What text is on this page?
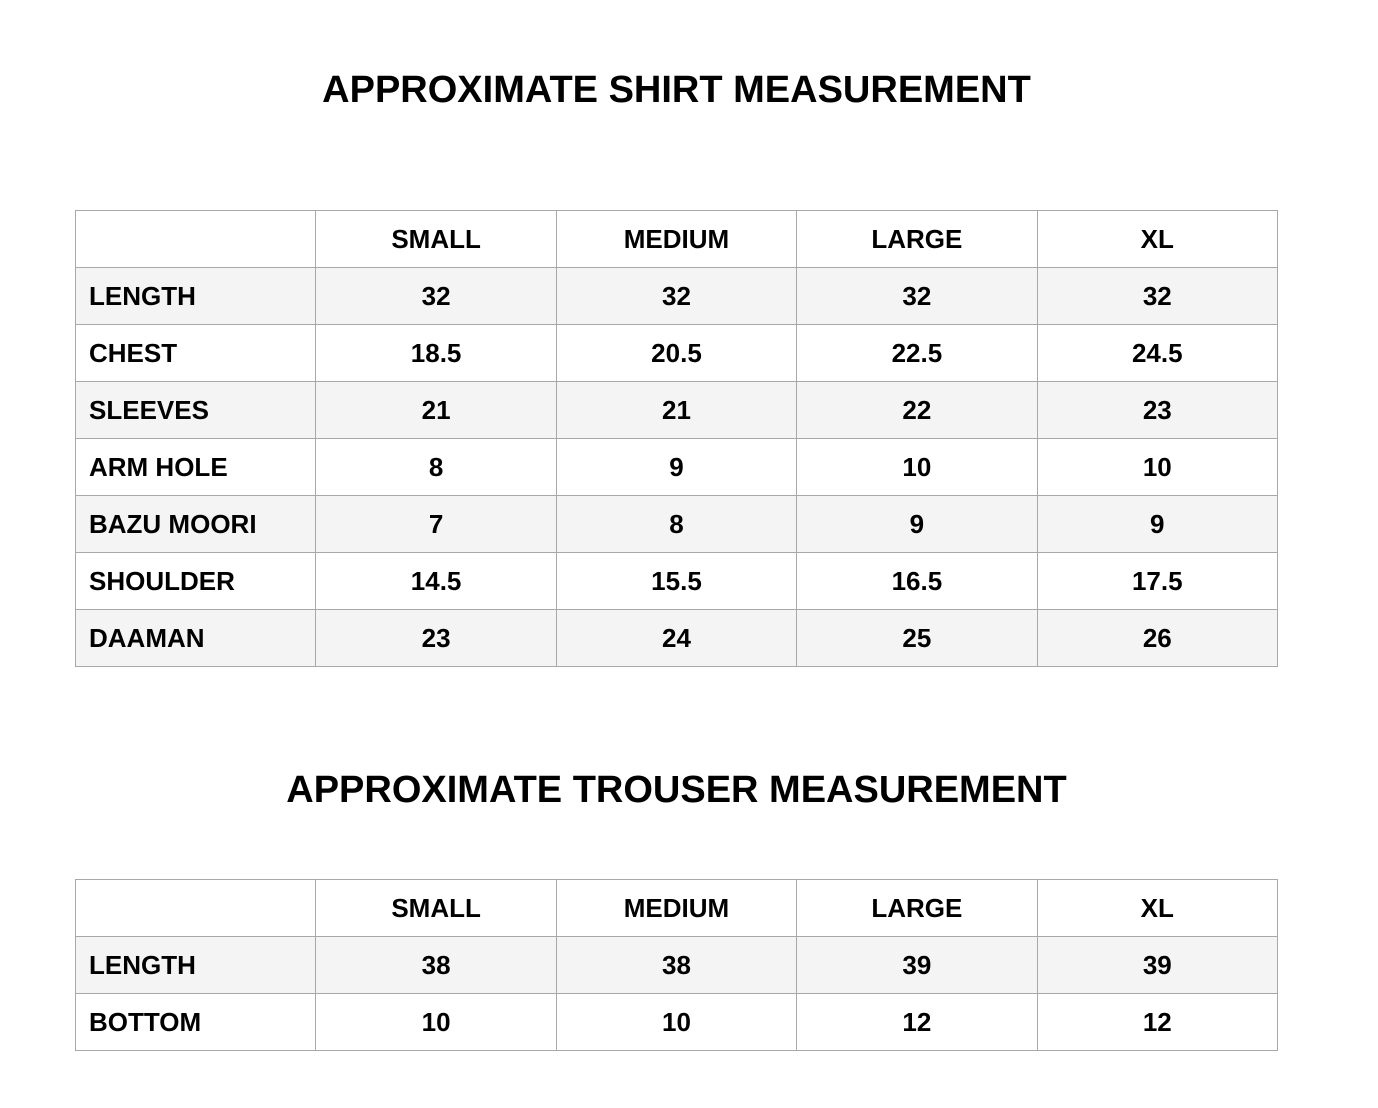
APPROXIMATE SHIRT MEASUREMENT
	SMALL	MEDIUM	LARGE	XL
LENGTH	32	32	32	32
CHEST	18.5	20.5	22.5	24.5
SLEEVES	21	21	22	23
ARM HOLE	8	9	10	10
BAZU MOORI	7	8	9	9
SHOULDER	14.5	15.5	16.5	17.5
DAAMAN	23	24	25	26
APPROXIMATE TROUSER MEASUREMENT
	SMALL	MEDIUM	LARGE	XL
LENGTH	38	38	39	39
BOTTOM	10	10	12	12
